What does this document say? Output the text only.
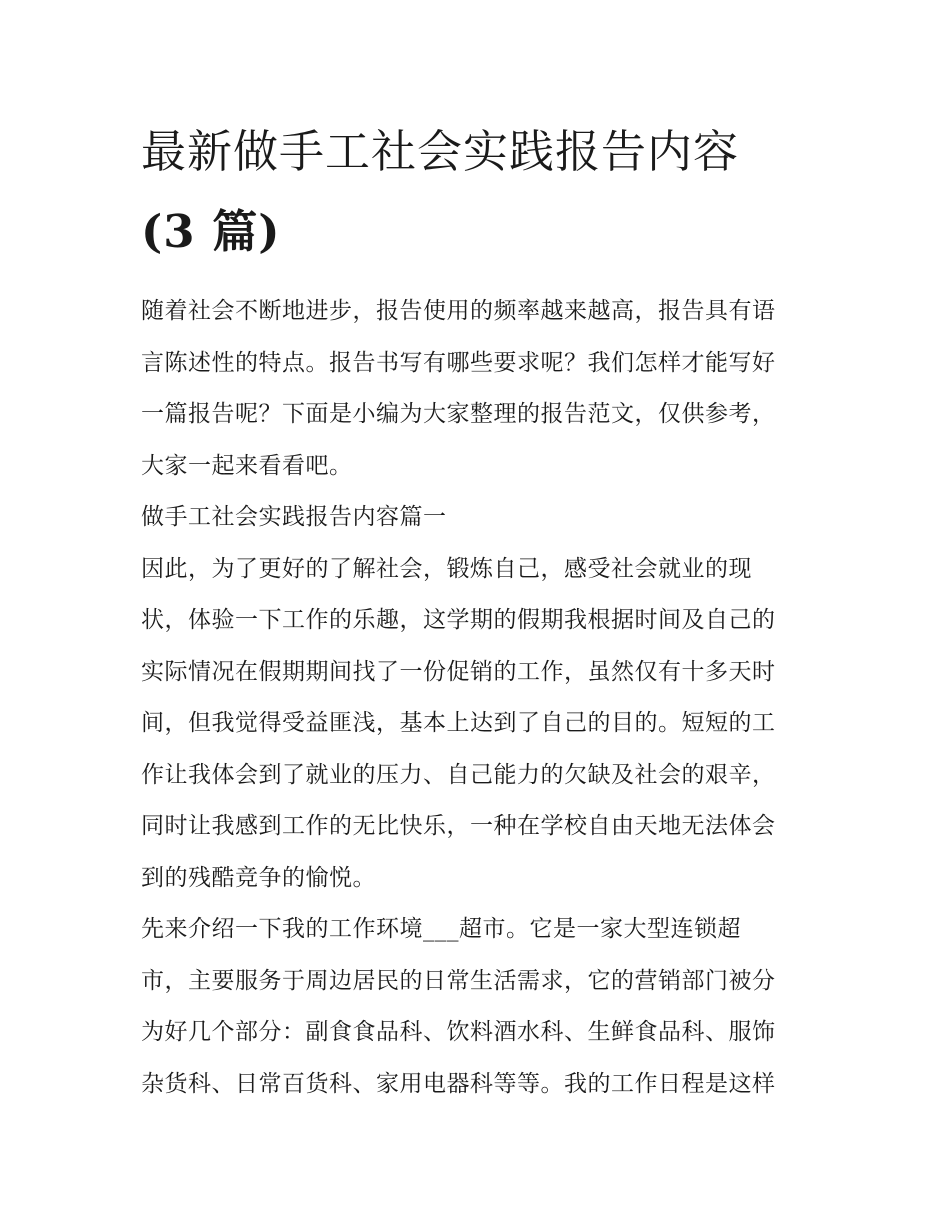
最新做手工社会实践报告内容
(3 篇)
随着社会不断地进步，报告使用的频率越来越高，报告具有语
言陈述性的特点。报告书写有哪些要求呢？我们怎样才能写好
一篇报告呢？下面是小编为大家整理的报告范文，仅供参考，
大家一起来看看吧。
做手工社会实践报告内容篇一
因此，为了更好的了解社会，锻炼自己，感受社会就业的现
状，体验一下工作的乐趣，这学期的假期我根据时间及自己的
实际情况在假期期间找了一份促销的工作，虽然仅有十多天时
间，但我觉得受益匪浅，基本上达到了自己的目的。短短的工
作让我体会到了就业的压力、自己能力的欠缺及社会的艰辛，
同时让我感到工作的无比快乐，一种在学校自由天地无法体会
到的残酷竞争的愉悦。
先来介绍一下我的工作环境___超市。它是一家大型连锁超
市，主要服务于周边居民的日常生活需求，它的营销部门被分
为好几个部分：副食食品科、饮料酒水科、生鲜食品科、服饰
杂货科、日常百货科、家用电器科等等。我的工作日程是这样
